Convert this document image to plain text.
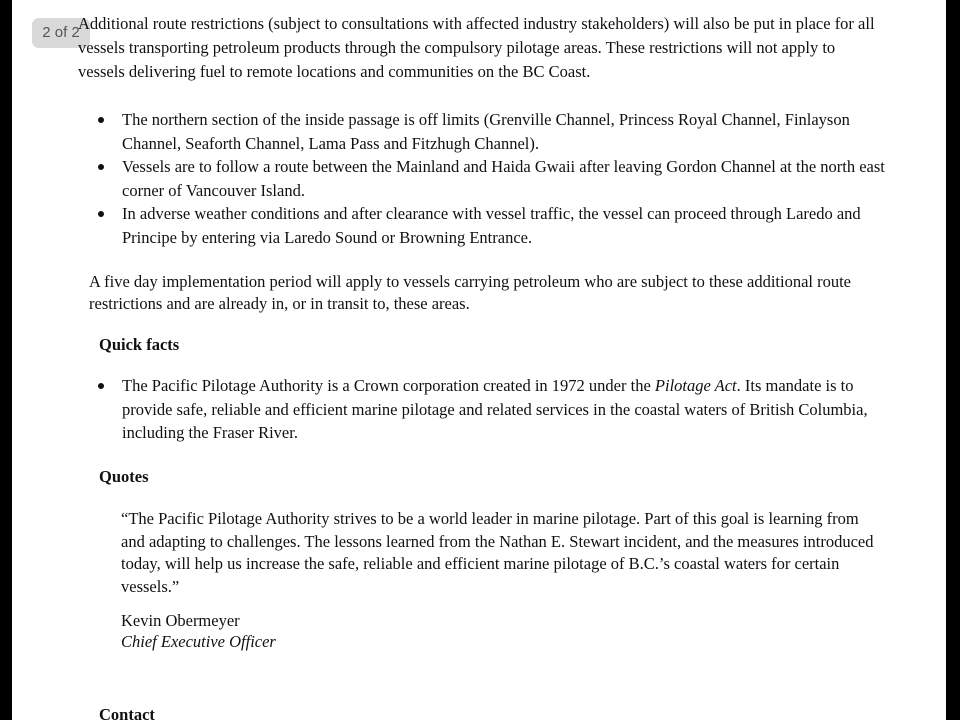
2 of 2

Additional route restrictions (subject to consultations with affected industry stakeholders) will also be put in place for all vessels transporting petroleum products through the compulsory pilotage areas. These restrictions will not apply to vessels delivering fuel to remote locations and communities on the BC Coast.

The northern section of the inside passage is off limits (Grenville Channel, Princess Royal Channel, Finlayson Channel, Seaforth Channel, Lama Pass and Fitzhugh Channel).
Vessels are to follow a route between the Mainland and Haida Gwaii after leaving Gordon Channel at the north east corner of Vancouver Island.
In adverse weather conditions and after clearance with vessel traffic, the vessel can proceed through Laredo and Principe by entering via Laredo Sound or Browning Entrance.

A five day implementation period will apply to vessels carrying petroleum who are subject to these additional route restrictions and are already in, or in transit to, these areas.

Quick facts
The Pacific Pilotage Authority is a Crown corporation created in 1972 under the Pilotage Act. Its mandate is to provide safe, reliable and efficient marine pilotage and related services in the coastal waters of British Columbia, including the Fraser River.
Quotes

“The Pacific Pilotage Authority strives to be a world leader in marine pilotage. Part of this goal is learning from and adapting to challenges. The lessons learned from the Nathan E. Stewart incident, and the measures introduced today, will help us increase the safe, reliable and efficient marine pilotage of B.C.’s coastal waters for certain vessels.”

Kevin Obermeyer

Chief Executive Officer

Contact
